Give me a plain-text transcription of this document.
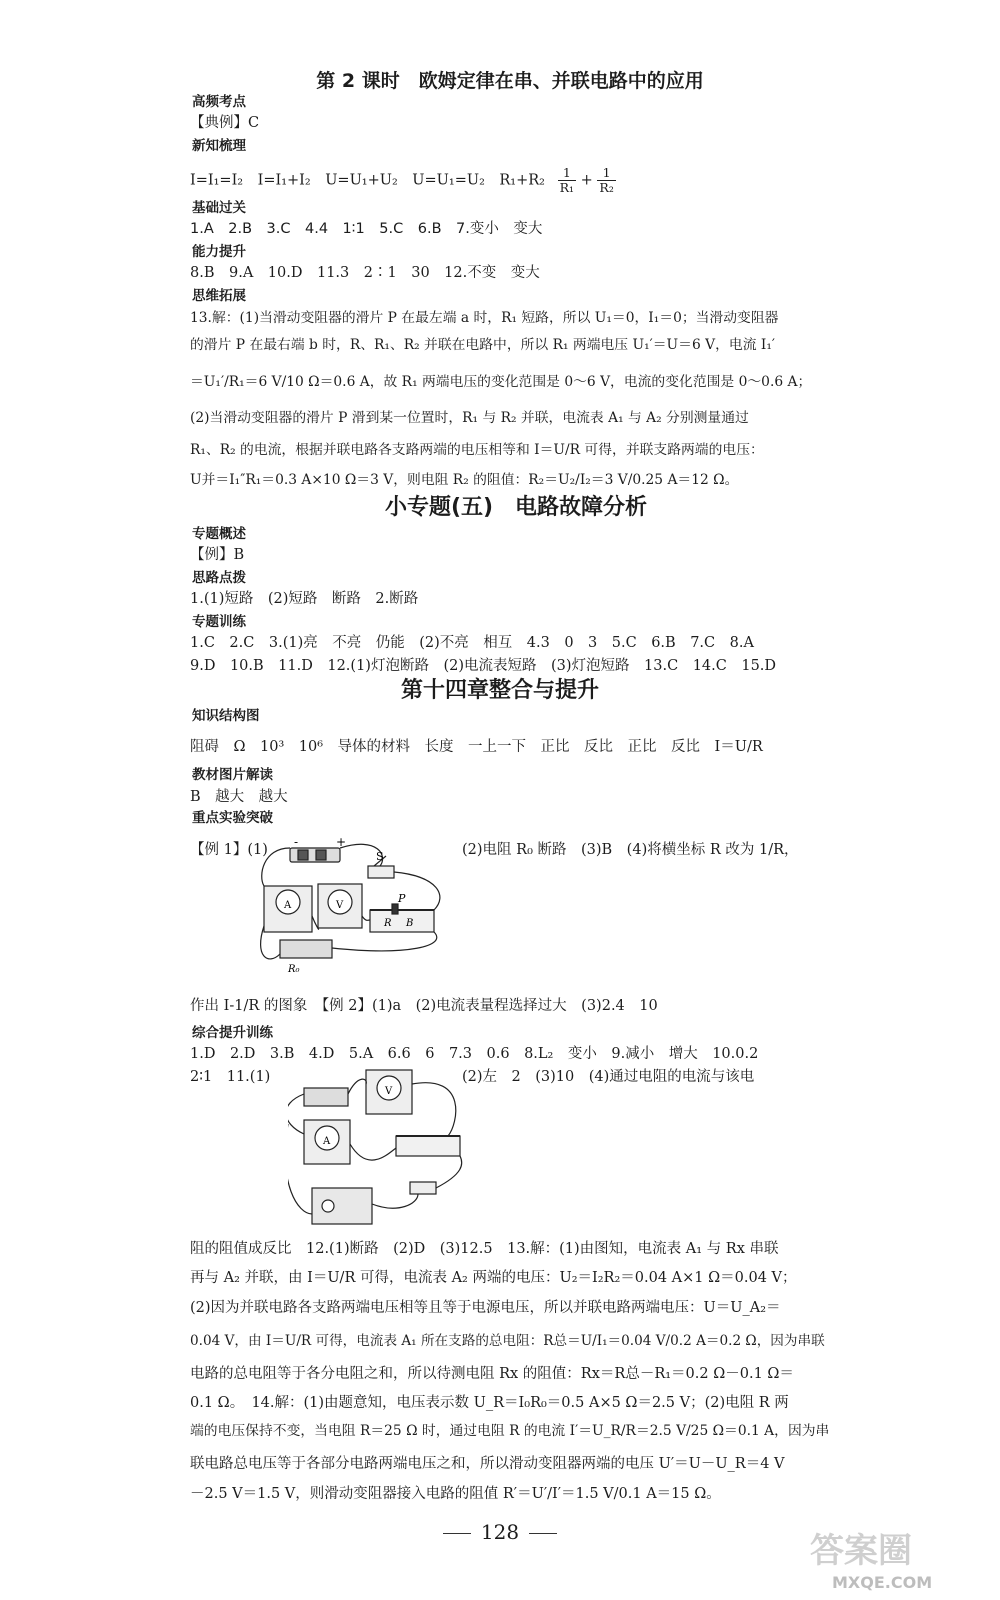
第 2 课时　欧姆定律在串、并联电路中的应用
高频考点
【典例】C
新知梳理
I=I₁=I₂　I=I₁+I₂　U=U₁+U₂　U=U₁=U₂　$R_1+R_2 \frac{1}{\text{R₁}} + \frac{1}{\text{R₂}}$
基础过关
1.A　2.B　3.C　4.4　1∶1　5.C　6.B　7.变小　变大
能力提升
8.B　9.A　10.D　11.3　2∶1　30　12.不变　变大
思维拓展
13.解：(1)当滑动变阻器的滑片 P 在最左端 a 时，R₁ 短路，所以 U₁＝0，I₁＝0；当滑动变阻器
的滑片 P 在最右端 b 时，R、R₁、R₂ 并联在电路中，所以 R₁ 两端电压 U₁′＝U＝6 V，电流 I₁′
＝U₁′/R₁＝6 V/10 Ω＝0.6 A，故 R₁ 两端电压的变化范围是 0～6 V，电流的变化范围是 0～0.6 A；
(2)当滑动变阻器的滑片 P 滑到某一位置时，R₁ 与 R₂ 并联，电流表 A₁ 与 A₂ 分别测量通过
R₁、R₂ 的电流，根据并联电路各支路两端的电压相等和 I＝U/R 可得，并联支路两端的电压：
U并＝I₁″R₁＝0.3 A×10 Ω＝3 V，则电阻 R₂ 的阻值：R₂＝U₂/I₂＝3 V/0.25 A＝12 Ω。
小专题(五)　电路故障分析
专题概述
【例】B
思路点拨
1.(1)短路　(2)短路　断路　2.断路
专题训练
1.C　2.C　3.(1)亮　不亮　仍能　(2)不亮　相互　4.3　0　3　5.C　6.B　7.C　8.A
9.D　10.B　11.D　12.(1)灯泡断路　(2)电流表短路　(3)灯泡短路　13.C　14.C　15.D
第十四章整合与提升
知识结构图
阻碍　Ω　10³　10⁶　导体的材料　长度　一上一下　正比　反比　正比　反比　I＝U/R
教材图片解读
B　越大　越大
重点实验突破
【例 1】(1)	(2)电阻 R₀ 断路　(3)B　(4)将横坐标 R 改为 1/R，
S
P
A	V
R B
R₀
-	+
作出 I-1/R 的图象　【例 2】(1)a　(2)电流表量程选择过大　(3)2.4　10
综合提升训练
1.D　2.D　3.B　4.D　5.A　6.6　6　7.3　0.6　8.L₂　变小　9.减小　增大　10.0.2
2∶1　11.(1)	(2)左　2　(3)10　(4)通过电阻的电流与该电
V
A
阻的阻值成反比　12.(1)断路　(2)D　(3)12.5　13.解：(1)由图知，电流表 A₁ 与 Rx 串联
再与 A₂ 并联，由 I＝U/R 可得，电流表 A₂ 两端的电压：U₂＝I₂R₂＝0.04 A×1 Ω＝0.04 V；
(2)因为并联电路各支路两端电压相等且等于电源电压，所以并联电路两端电压：U＝U_A₂＝
0.04 V，由 I＝U/R 可得，电流表 A₁ 所在支路的总电阻：R总＝U/I₁＝0.04 V/0.2 A＝0.2 Ω，因为串联
电路的总电阻等于各分电阻之和，所以待测电阻 Rx 的阻值：Rx＝R总－R₁＝0.2 Ω－0.1 Ω＝
0.1 Ω。　14.解：(1)由题意知，电压表示数 U_R＝I₀R₀＝0.5 A×5 Ω＝2.5 V；(2)电阻 R 两
端的电压保持不变，当电阻 R＝25 Ω 时，通过电阻 R 的电流 I′＝U_R/R＝2.5 V/25 Ω＝0.1 A，因为串
联电路总电压等于各部分电路两端电压之和，所以滑动变阻器两端的电压 U′＝U－U_R＝4 V
－2.5 V＝1.5 V，则滑动变阻器接入电路的阻值 R′＝U′/I′＝1.5 V/0.1 A＝15 Ω。
128	答案圈
MXQE.COM
